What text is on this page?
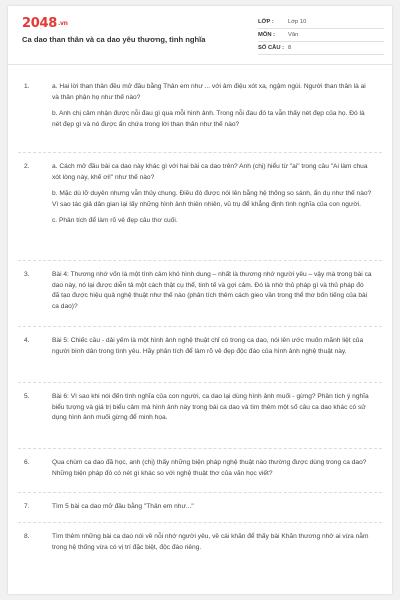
2048.vn
Ca dao than thân và ca dao yêu thương, tình nghĩa
LỚP :	Lớp 10
MÔN :	Văn
SỐ CÂU : 8
1.	a. Hai lời than thân đều mở đầu bằng Thân em như ... với âm điệu xót xa, ngậm ngùi. Người than thân là ai và thân phận họ như thế nào?

b. Anh chị cảm nhận được nỗi đau gì qua mỗi hình ảnh. Trong nỗi đau đó ta vẫn thấy nét đẹp của họ. Đó là nét đẹp gì và nó được ẩn chứa trong lời than thân như thế nào?

2.	a. Cách mở đầu bài ca dao này khác gì với hai bài ca dao trên? Anh (chị) hiểu từ "ai" trong câu "Ai làm chua xót lòng này, khế ơi!" như thế nào?

b. Mặc dù lỡ duyên nhưng vẫn thủy chung. Điều đó được nói lên bằng hệ thống so sánh, ẩn dụ như thế nào? Vì sao tác giả dân gian lại lấy những hình ảnh thiên nhiên, vũ trụ để khẳng định tình nghĩa của con người.

c. Phân tích để làm rõ vẻ đẹp câu thơ cuối.

3.	Bài 4: Thương nhớ vốn là một tình cảm khó hình dung – nhất là thương nhớ người yêu – vậy mà trong bài ca dao này, nó lại được diễn tả một cách thật cụ thể, tinh tế và gợi cảm. Đó là nhờ thủ pháp gì và thủ pháp đó đã tạo được hiệu quả nghệ thuật như thế nào (phân tích thêm cách gieo vần trong thể thơ bốn tiếng của bài ca dao)?

4.	Bài 5: Chiếc cầu - dải yếm là một hình ảnh nghệ thuật chỉ có trong ca dao, nói lên ước muốn mãnh liệt của người bình dân trong tình yêu. Hãy phân tích để làm rõ vẻ đẹp độc đáo của hình ảnh nghệ thuật này.

5.	Bài 6: Vì sao khi nói đến tình nghĩa của con người, ca dao lại dùng hình ảnh muối - gừng? Phân tích ý nghĩa biểu tượng và giá trị biểu cảm mà hình ảnh này trong bài ca dao và tìm thêm một số câu ca dao khác có sử dụng hình ảnh muối gừng để minh họa.

6.	Qua chùm ca dao đã học, anh (chị) thấy những biện pháp nghệ thuật nào thường được dùng trong ca dao? Những biện pháp đó có nét gì khác so với nghệ thuật thơ của văn học viết?

7.	Tìm 5 bài ca dao mở đầu bằng "Thân em như..."

8.	Tìm thêm những bài ca dao nói về nỗi nhớ người yêu, về cái khăn để thấy bài Khăn thương nhớ ai vừa nằm trong hệ thống vừa có vị trí đặc biệt, độc đáo riêng.
